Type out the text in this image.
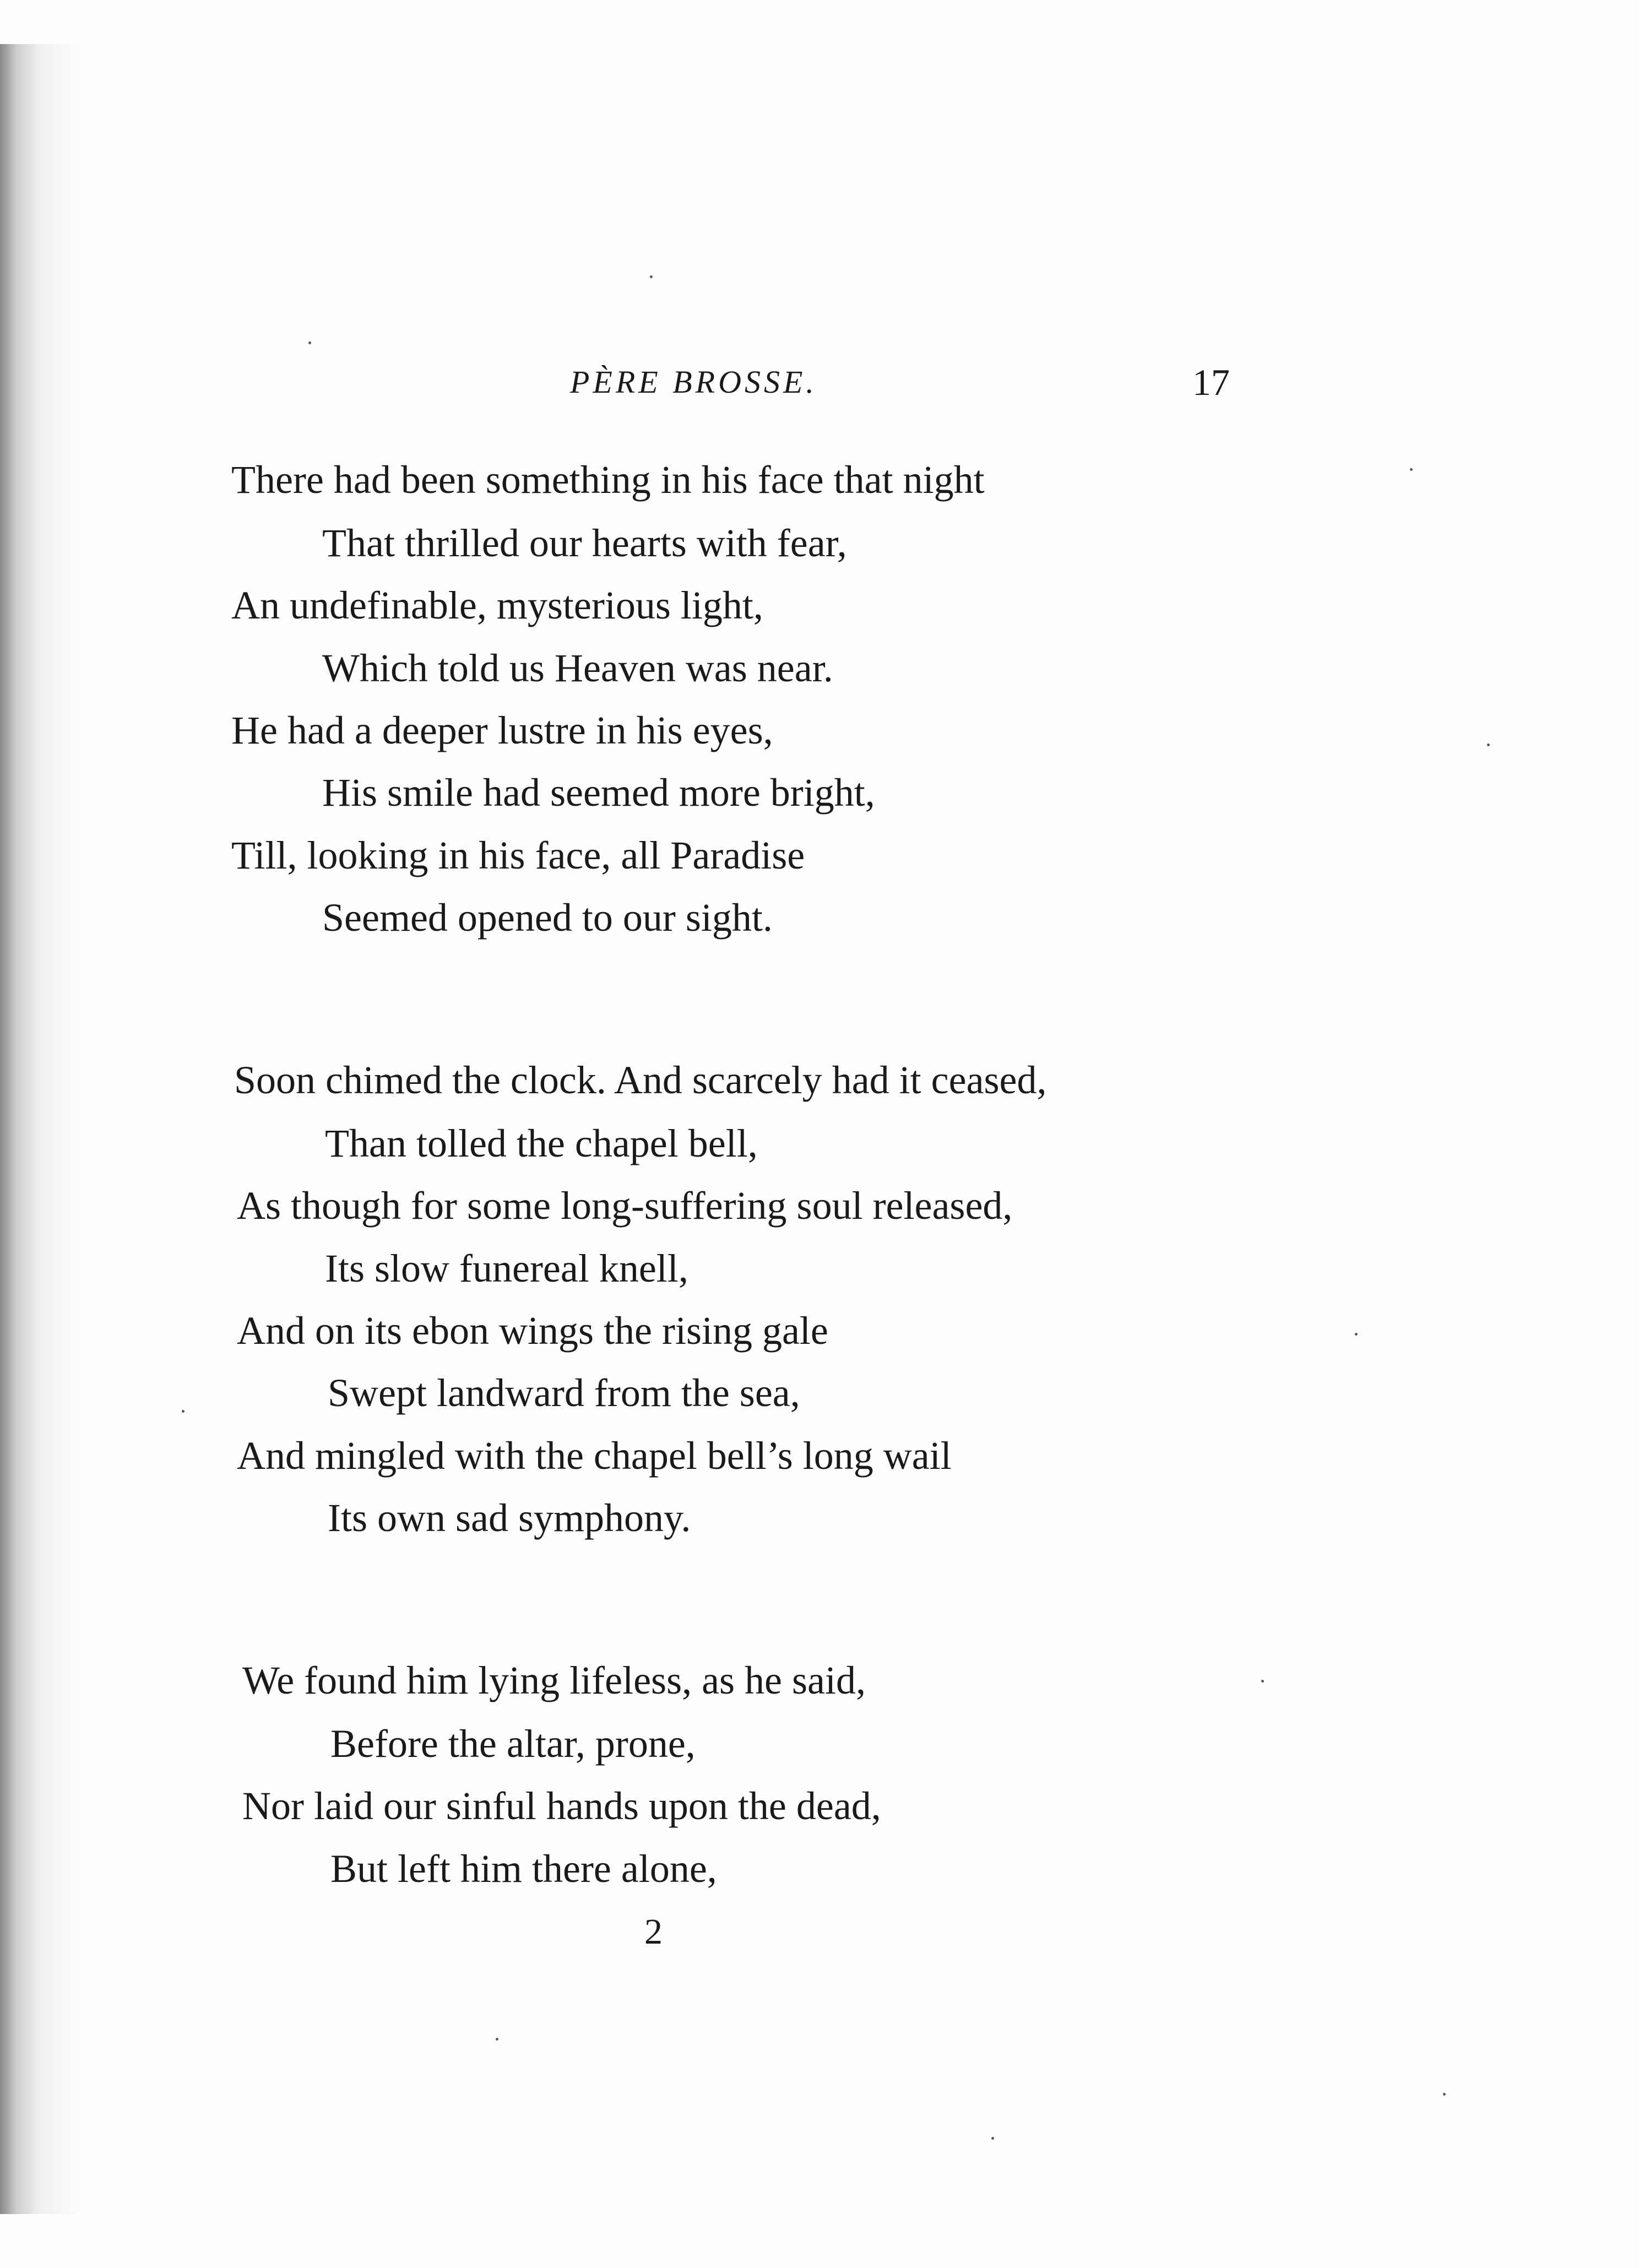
PÈRE BROSSE.	17
There had been something in his face that night
That thrilled our hearts with fear,
An undefinable, mysterious light,
Which told us Heaven was near.
He had a deeper lustre in his eyes,
His smile had seemed more bright,
Till, looking in his face, all Paradise
Seemed opened to our sight.
Soon chimed the clock. And scarcely had it ceased,
Than tolled the chapel bell,
As though for some long-suffering soul released,
Its slow funereal knell,
And on its ebon wings the rising gale
Swept landward from the sea,
And mingled with the chapel bell’s long wail
Its own sad symphony.
We found him lying lifeless, as he said,
Before the altar, prone,
Nor laid our sinful hands upon the dead,
But left him there alone,
2
